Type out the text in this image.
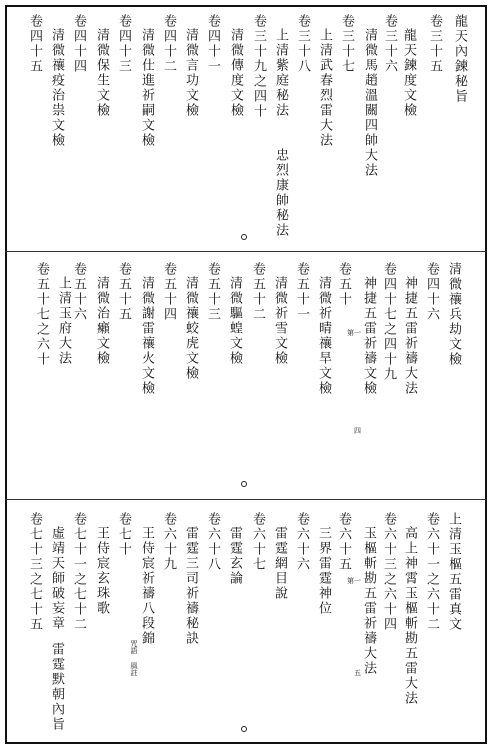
龍天內鍊秘旨
卷三十五
龍天鍊度文檢
卷三十六
清微馬趙溫關四帥大法
卷三十七
上清武春烈雷大法
卷三十八
上清紫庭秘法
忠烈康帥秘法
卷三十九之四十
清微傳度文檢
卷四十一
清微言功文檢
卷四十二
清微仕進祈嗣文檢
卷四十三
清微保生文檢
卷四十四
清微禳疫治祟文檢
卷四十五
清微禳兵劫文檢
卷四十六
神捷五雷祈禱大法
卷四十七之四十九
神捷五雷祈禱文檢
第一
卷五十
清微祈晴禳旱文檢
卷五十一
清微祈雪文檢
卷五十二
清微驅蝗文檢
卷五十三
清微禳蛟虎文檢
卷五十四
清微謝雷禳火文檢
卷五十五
清微治癩文檢
卷五十六
上清玉府大法
卷五十七之六十
四
上清玉樞五雷真文
卷六十一之六十二
高上神霄玉樞斬勘五雷大法
卷六十三之六十四
玉樞斬勘五雷祈禱大法
第一
卷六十五
三界雷霆神位
卷六十六
雷霆網目說
卷六十七
雷霆玄論
卷六十八
雷霆三司祈禱秘訣
卷六十九
王侍宸祈禱八段錦
咒語 風註
卷七十
王侍宸玄珠歌
卷七十一之七十二
虛靖天師破妄章
雷霆默朝內旨
卷七十三之七十五
五
